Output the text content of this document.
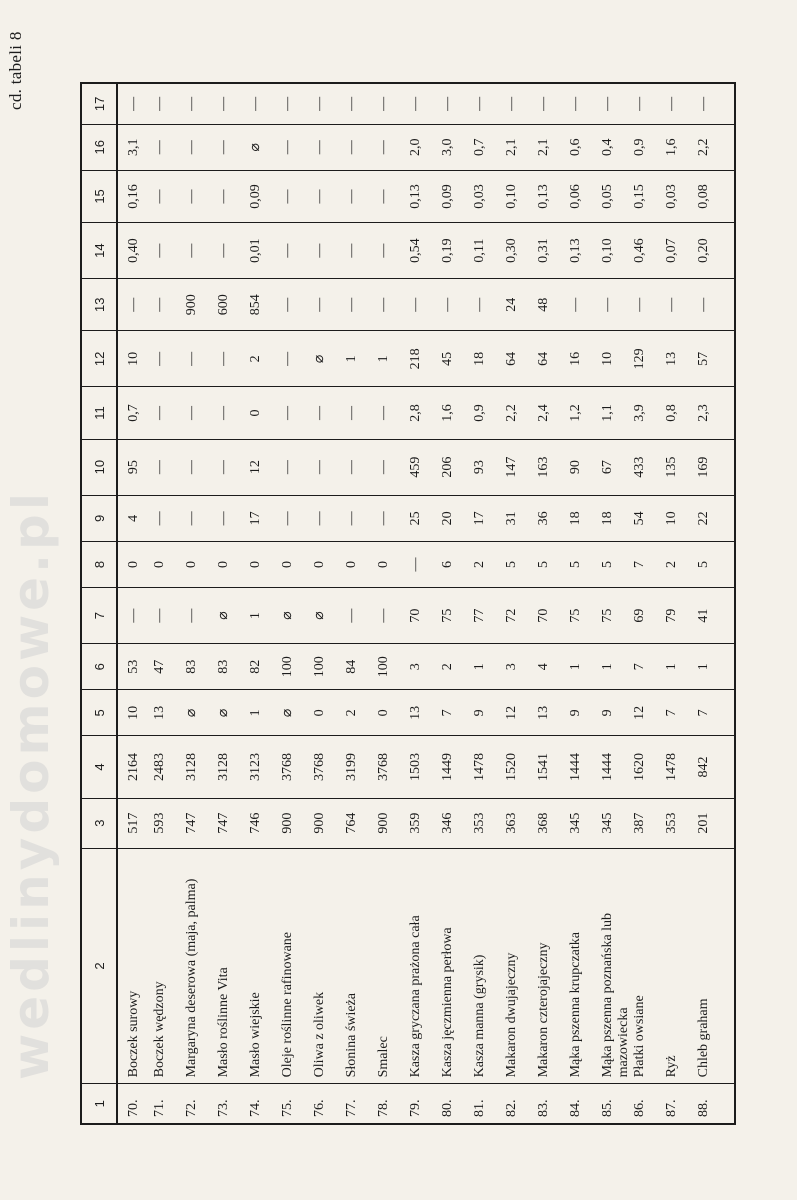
wedlinydomowe.pl
cd. tabeli 8
1	2	3	4	5	6	7	8	9	10	11	12	13	14	15	16	17
70.	Boczek surowy	517	2164	10	53	—	0	4	95	0,7	10	—	0,40	0,16	3,1	—
71.	Boczek wędzony	593	2483	13	47	—	0	—	—	—	—	—	—	—	—	—
72.	Margaryna deserowa (maja, palma)	747	3128	⌀	83	—	0	—	—	—	—	900	—	—	—	—
73.	Masło roślinne Vita	747	3128	⌀	83	⌀	0	—	—	—	—	600	—	—	—	—
74.	Masło wiejskie	746	3123	1	82	1	0	17	12	0	2	854	0,01	0,09	⌀	—
75.	Oleje roślinne rafinowane	900	3768	⌀	100	⌀	0	—	—	—	—	—	—	—	—	—
76.	Oliwa z oliwek	900	3768	0	100	⌀	0	—	—	—	⌀	—	—	—	—	—
77.	Słonina świeża	764	3199	2	84	—	0	—	—	—	1	—	—	—	—	—
78.	Smalec	900	3768	0	100	—	0	—	—	—	1	—	—	—	—	—
79.	Kasza gryczana prażona cała	359	1503	13	3	70	—	25	459	2,8	218	—	0,54	0,13	2,0	—
80.	Kasza jęczmienna perłowa	346	1449	7	2	75	6	20	206	1,6	45	—	0,19	0,09	3,0	—
81.	Kasza manna (grysik)	353	1478	9	1	77	2	17	93	0,9	18	—	0,11	0,03	0,7	—
82.	Makaron dwujajeczny	363	1520	12	3	72	5	31	147	2,2	64	24	0,30	0,10	2,1	—
83.	Makaron czterojajeczny	368	1541	13	4	70	5	36	163	2,4	64	48	0,31	0,13	2,1	—
84.	Mąka pszenna krupczatka	345	1444	9	1	75	5	18	90	1,2	16	—	0,13	0,06	0,6	—
85.	Mąka pszenna poznańska lub mazowiecka	345	1444	9	1	75	5	18	67	1,1	10	—	0,10	0,05	0,4	—
86.	Płatki owsiane	387	1620	12	7	69	7	54	433	3,9	129	—	0,46	0,15	0,9	—
87.	Ryż	353	1478	7	1	79	2	10	135	0,8	13	—	0,07	0,03	1,6	—
88.	Chleb graham	201	842	7	1	41	5	22	169	2,3	57	—	0,20	0,08	2,2	—
